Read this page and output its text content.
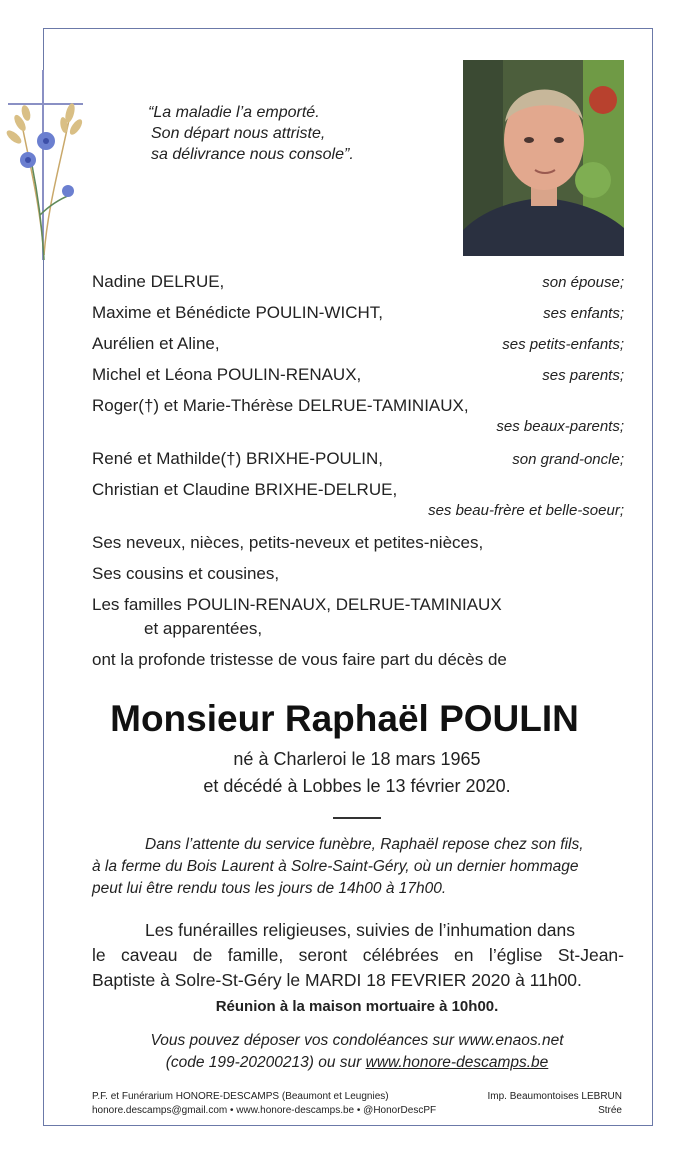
“La maladie l’a emporté.
Son départ nous attriste,
sa délivrance nous console”.
Nadine DELRUE,	son épouse;
Maxime et Bénédicte POULIN-WICHT,	ses enfants;
Aurélien et Aline,	ses petits-enfants;
Michel et Léona POULIN-RENAUX,	ses parents;
Roger(†) et Marie-Thérèse DELRUE-TAMINIAUX,
ses beaux-parents;
René et Mathilde(†) BRIXHE-POULIN,	son grand-oncle;
Christian et Claudine BRIXHE-DELRUE,
ses beau-frère et belle-soeur;
Ses neveux, nièces, petits-neveux et petites-nièces,
Ses cousins et cousines,
Les familles POULIN-RENAUX, DELRUE-TAMINIAUX
et apparentées,
ont la profonde tristesse de vous faire part du décès de
Monsieur Raphaël POULIN
né à Charleroi le 18 mars 1965
et décédé à Lobbes le 13 février 2020.
Dans l’attente du service funèbre, Raphaël repose chez son fils,
à la ferme du Bois Laurent à Solre-Saint-Géry, où un dernier hommage
peut lui être rendu tous les jours de 14h00 à 17h00.
Les funérailles religieuses, suivies de l’inhumation dans
le caveau de famille, seront célébrées en l’église St-Jean-
Baptiste à Solre-St-Géry le MARDI 18 FEVRIER 2020 à 11h00.
Réunion à la maison mortuaire à 10h00.
Vous pouvez déposer vos condoléances sur www.enaos.net
(code 199-20200213) ou sur www.honore-descamps.be
P.F. et Funérarium HONORE-DESCAMPS (Beaumont et Leugnies)
honore.descamps@gmail.com • www.honore-descamps.be • @HonorDescPF
Imp. Beaumontoises LEBRUN
Strée
